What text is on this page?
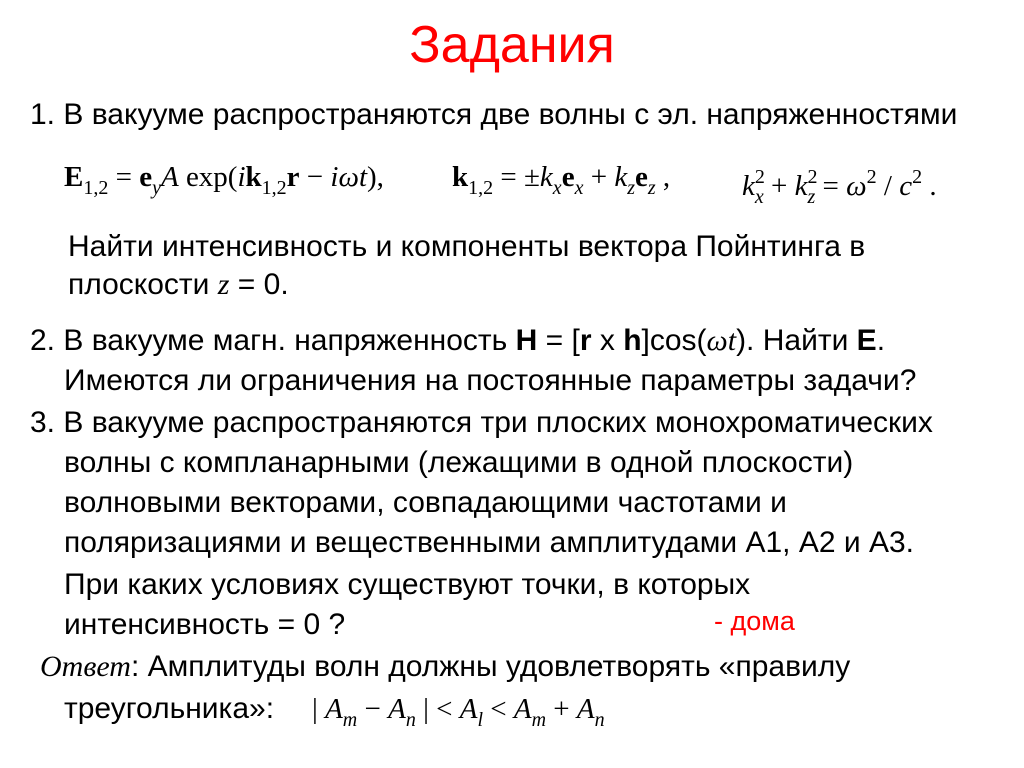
Задания
1. В вакууме распространяются две волны с эл. напряженностями
$E_{1,2} = e_yA$ $\exp(ik_{1,2}r - i\omega t)$, $k_{1,2} = \pm k_xe_x + k_ze_z$ , $k^2_x + k^2_z = \omega^2 / c^2$ .
Найти интенсивность и компоненты вектора Пойнтинга в
плоскости z = 0.
2. В вакууме магн. напряженность H = [r x h]cos(ωt). Найти E.
Имеются ли ограничения на постоянные параметры задачи?
3. В вакууме распространяются три плоских монохроматических
волны с компланарными (лежащими в одной плоскости)
волновыми векторами, совпадающими частотами и
поляризациями и вещественными амплитудами А1, А2 и А3.
При каких условиях существуют точки, в которых
интенсивность = 0 ?	- дома
Ответ: Амплитуды волн должны удовлетворять «правилу
треугольника»: | $A_m - A_n$ | < $A_l < A_m + A_n$
